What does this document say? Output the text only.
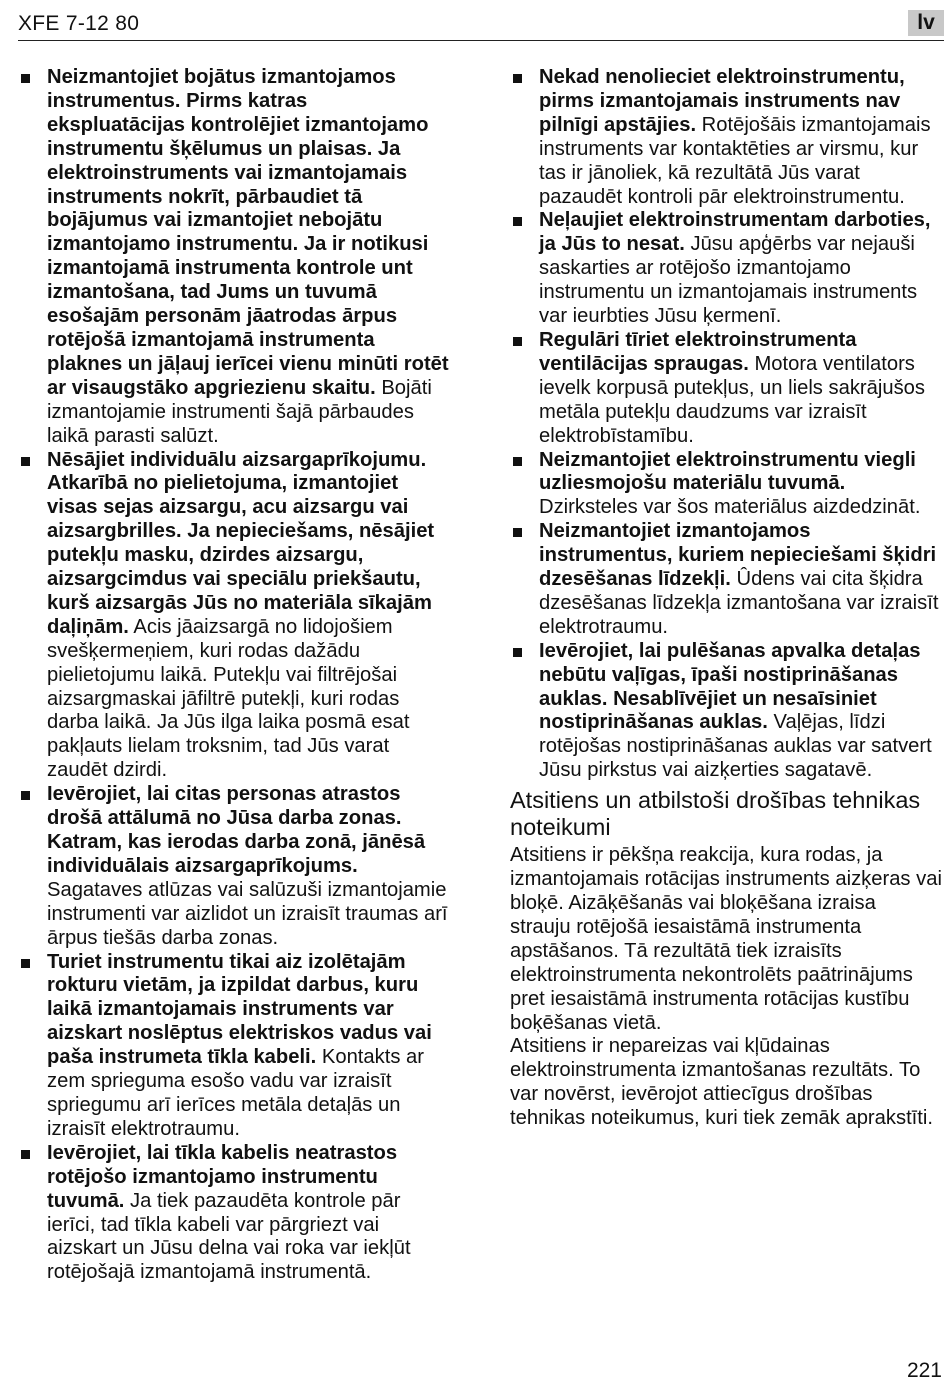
XFE 7-12 80	lv

Neizmantojiet bojātus izmantojamos instrumentus. Pirms katras ekspluatācijas kontrolējiet izmantojamo instrumentu šķēlumus un plaisas. Ja elektroinstruments vai izmantojamais instruments nokrīt, pārbaudiet tā bojājumus vai izmantojiet nebojātu izmantojamo instrumentu. Ja ir notikusi izmantojamā instrumenta kontrole unt izmantošana, tad Jums un tuvumā esošajām personām jāatrodas ārpus rotējošā izmantojamā instrumenta plaknes un jāļauj ierīcei vienu minūti rotēt ar visaugstāko apgriezienu skaitu. Bojāti izmantojamie instrumenti šajā pārbaudes laikā parasti salūzt.

Nēsājiet individuālu aizsargaprīkojumu. Atkarībā no pielietojuma, izmantojiet visas sejas aizsargu, acu aizsargu vai aizsargbrilles. Ja nepieciešams, nēsājiet putekļu masku, dzirdes aizsargu, aizsargcimdus vai speciālu priekšautu, kurš aizsargās Jūs no materiāla sīkajām daļiņām. Acis jāaizsargā no lidojošiem svešķermeņiem, kuri rodas dažādu pielietojumu laikā. Putekļu vai filtrējošai aizsargmaskai jāfiltrē putekļi, kuri rodas darba laikā. Ja Jūs ilga laika posmā esat pakļauts lielam troksnim, tad Jūs varat zaudēt dzirdi.

Ievērojiet, lai citas personas atrastos drošā attālumā no Jūsa darba zonas. Katram, kas ierodas darba zonā, jānēsā individuālais aizsargaprīkojums. Sagataves atlūzas vai salūzuši izmantojamie instrumenti var aizlidot un izraisīt traumas arī ārpus tiešās darba zonas.

Turiet instrumentu tikai aiz izolētajām rokturu vietām, ja izpildat darbus, kuru laikā izmantojamais instruments var aizskart noslēptus elektriskos vadus vai paša instrumeta tīkla kabeli. Kontakts ar zem sprieguma esošo vadu var izraisīt spriegumu arī ierīces metāla detaļās un izraisīt elektrotraumu.

Ievērojiet, lai tīkla kabelis neatrastos rotējošo izmantojamo instrumentu tuvumā. Ja tiek pazaudēta kontrole pār ierīci, tad tīkla kabeli var pārgriezt vai aizskart un Jūsu delna vai roka var iekļūt rotējošajā izmantojamā instrumentā.

Nekad nenolieciet elektroinstrumentu, pirms izmantojamais instruments nav pilnīgi apstājies. Rotējošāis izmantojamais instruments var kontaktēties ar virsmu, kur tas ir jānoliek, kā rezultātā Jūs varat pazaudēt kontroli pār elektroinstrumentu.

Neļaujiet elektroinstrumentam darboties, ja Jūs to nesat. Jūsu apģērbs var nejauši saskarties ar rotējošo izmantojamo instrumentu un izmantojamais instruments var ieurbties Jūsu ķermenī.

Regulāri tīriet elektroinstrumenta ventilācijas spraugas. Motora ventilators ievelk korpusā putekļus, un liels sakrājušos metāla putekļu daudzums var izraisīt elektrobīstamību.

Neizmantojiet elektroinstrumentu viegli uzliesmojošu materiālu tuvumā. Dzirksteles var šos materiālus aizdedzināt.

Neizmantojiet izmantojamos instrumentus, kuriem nepieciešami šķidri dzesēšanas līdzekļi. Ûdens vai cita šķidra dzesēšanas līdzekļa izmantošana var izraisīt elektrotraumu.

Ievērojiet, lai pulēšanas apvalka detaļas nebūtu vaļīgas, īpaši nostiprināšanas auklas. Nesablīvējiet un nesaīsiniet nostiprināšanas auklas. Vaļējas, līdzi rotējošas nostiprināšanas auklas var satvert Jūsu pirkstus vai aizķerties sagatavē.

Atsitiens un atbilstoši drošības tehnikas noteikumi

Atsitiens ir pēkšņa reakcija, kura rodas, ja izmantojamais rotācijas instruments aizķeras vai bloķē. Aizāķēšanās vai bloķēšana izraisa strauju rotējošā iesaistāmā instrumenta apstāšanos. Tā rezultātā tiek izraisīts elektroinstrumenta nekontrolēts paātrinājums pret iesaistāmā instrumenta rotācijas kustību boķēšanas vietā.

Atsitiens ir nepareizas vai kļūdainas elektroinstrumenta izmantošanas rezultāts. To var novērst, ievērojot attiecīgus drošības tehnikas noteikumus, kuri tiek zemāk aprakstīti.

221
